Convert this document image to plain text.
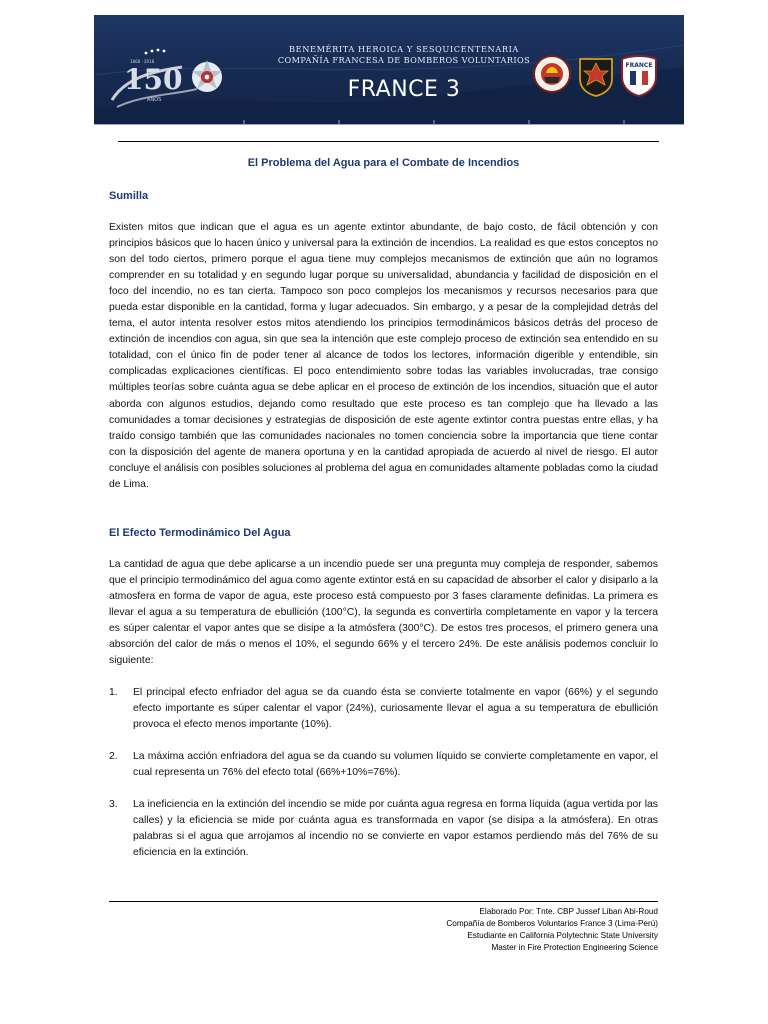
150
AÑOS
1868 · 2018
BENEMÉRITA HEROICA Y SESQUICENTENARIA
COMPAÑÍA FRANCESA DE BOMBEROS VOLUNTARIOS
FRANCE 3
FRANCE
El Problema del Agua para el Combate de Incendios
Sumilla

Existen mitos que indican que el agua es un agente extintor abundante, de bajo costo, de fácil obtención y con principios básicos que lo hacen único y universal para la extinción de incendios. La realidad es que estos conceptos no son del todo ciertos, primero porque el agua tiene muy complejos mecanismos de extinción que aún no logramos comprender en su totalidad y en segundo lugar porque su universalidad, abundancia y facilidad de disposición en el foco del incendio, no es tan cierta. Tampoco son poco complejos los mecanismos y recursos necesarios para que pueda estar disponible en la cantidad, forma y lugar adecuados. Sin embargo, y a pesar de la complejidad detrás del tema, el autor intenta resolver estos mitos atendiendo los principios termodinámicos básicos detrás del proceso de extinción de incendios con agua, sin que sea la intención que este complejo proceso de extinción sea entendido en su totalidad, con el único fin de poder tener al alcance de todos los lectores, información digerible y entendible, sin complicadas explicaciones científicas. El poco entendimiento sobre todas las variables involucradas, trae consigo múltiples teorías sobre cuánta agua se debe aplicar en el proceso de extinción de los incendios, situación que el autor aborda con algunos estudios, dejando como resultado que este proceso es tan complejo que ha llevado a las comunidades a tomar decisiones y estrategias de disposición de este agente extintor contra puestas entre ellas, y ha traído consigo también que las comunidades nacionales no tomen conciencia sobre la importancia que tiene contar con la disposición del agente de manera oportuna y en la cantidad apropiada de acuerdo al nivel de riesgo. El autor concluye el análisis con posibles soluciones al problema del agua en comunidades altamente pobladas como la ciudad de Lima.

El Efecto Termodinámico Del Agua

La cantidad de agua que debe aplicarse a un incendio puede ser una pregunta muy compleja de responder, sabemos que el principio termodinámico del agua como agente extintor está en su capacidad de absorber el calor y disiparlo a la atmosfera en forma de vapor de agua, este proceso está compuesto por 3 fases claramente definidas. La primera es llevar el agua a su temperatura de ebullición (100°C), la segunda es convertirla completamente en vapor y la tercera es súper calentar el vapor antes que se disipe a la atmósfera (300°C). De estos tres procesos, el primero genera una absorción del calor de más o menos el 10%, el segundo 66% y el tercero 24%. De este análisis podemos concluir lo siguiente:

1. El principal efecto enfriador del agua se da cuando ésta se convierte totalmente en vapor (66%) y el segundo efecto importante es súper calentar el vapor (24%), curiosamente llevar el agua a su temperatura de ebullición provoca el efecto menos importante (10%).

2. La máxima acción enfriadora del agua se da cuando su volumen líquido se convierte completamente en vapor, el cual representa un 76% del efecto total (66%+10%=76%).

3. La ineficiencia en la extinción del incendio se mide por cuánta agua regresa en forma líquida (agua vertida por las calles) y la eficiencia se mide por cuánta agua es transformada en vapor (se disipa a la atmósfera). En otras palabras si el agua que arrojamos al incendio no se convierte en vapor estamos perdiendo más del 76% de su eficiencia en la extinción.

Elaborado Por: Tnte. CBP Jussef Liban Abi-Roud
Compañía de Bomberos Voluntarios France 3 (Lima-Perú)
Estudiante en California Polytechnic State University
Master in Fire Protection Engineering Science
